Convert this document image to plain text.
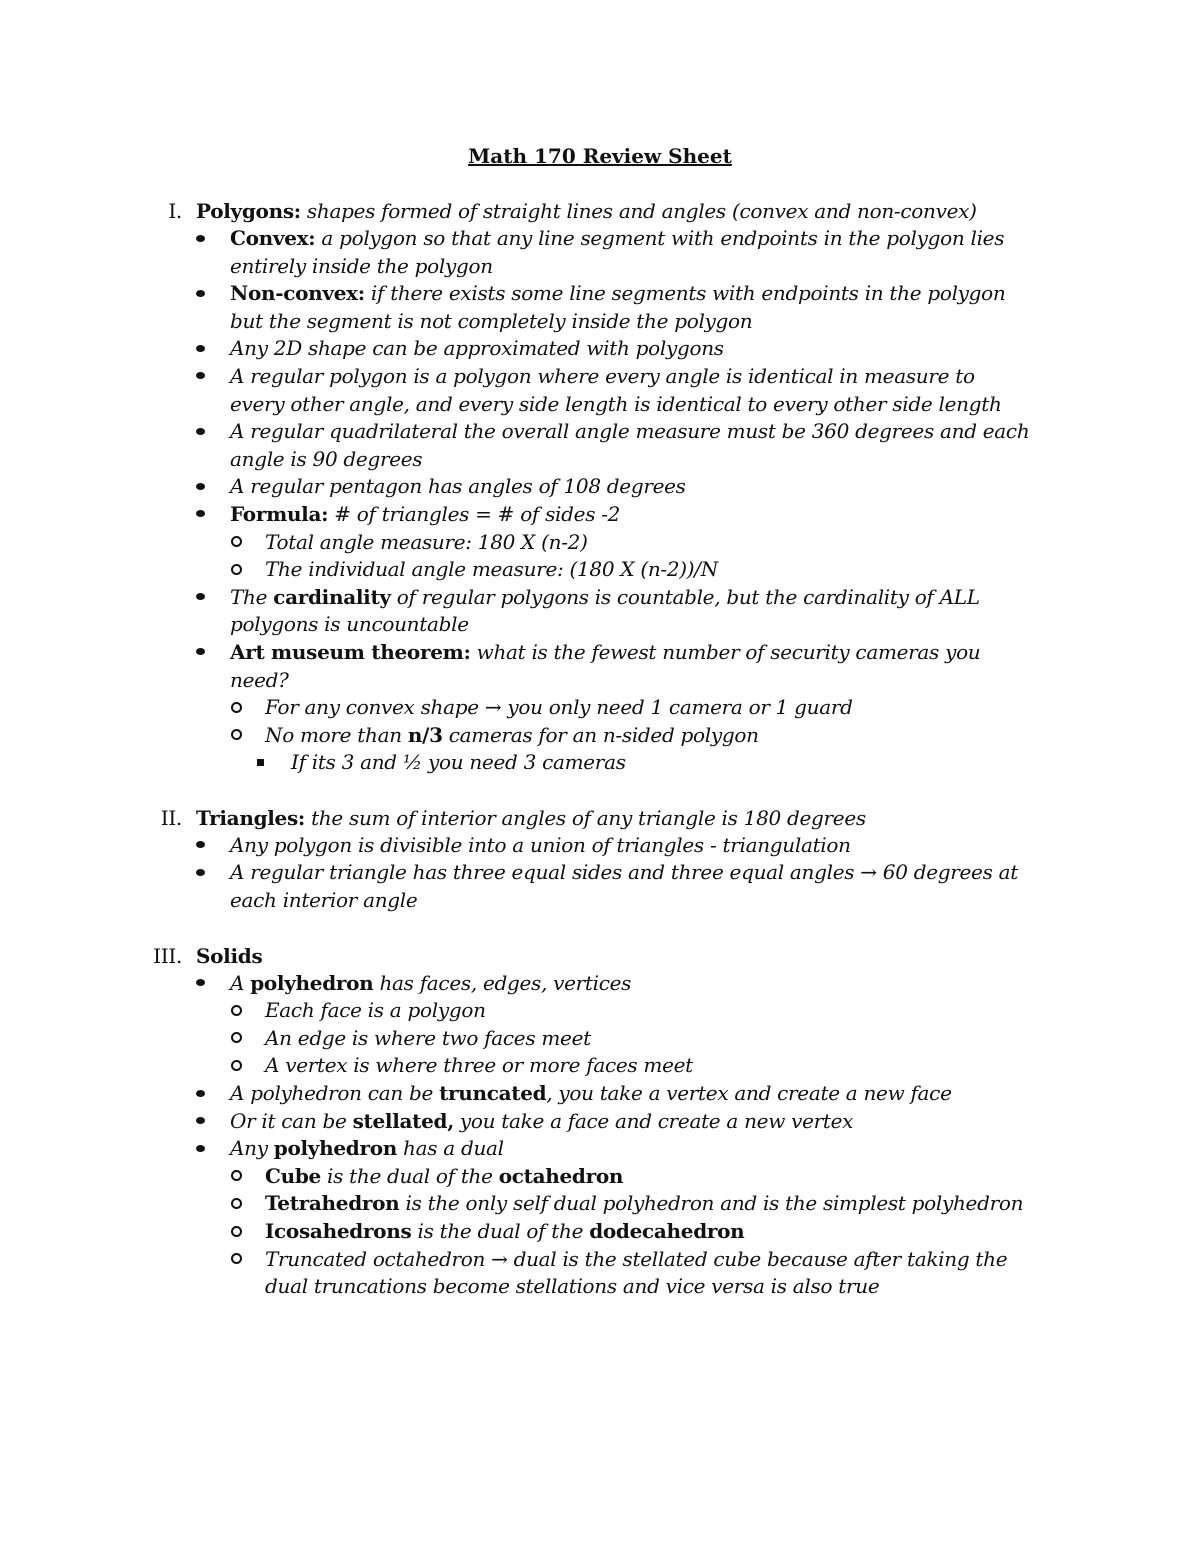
Math 170 Review Sheet
I. Polygons: shapes formed of straight lines and angles (convex and non-convex)
Convex: a polygon so that any line segment with endpoints in the polygon lies entirely inside the polygon
Non-convex: if there exists some line segments with endpoints in the polygon but the segment is not completely inside the polygon
Any 2D shape can be approximated with polygons
A regular polygon is a polygon where every angle is identical in measure to every other angle, and every side length is identical to every other side length
A regular quadrilateral the overall angle measure must be 360 degrees and each angle is 90 degrees
A regular pentagon has angles of 108 degrees
Formula: # of triangles = # of sides -2
Total angle measure: 180 X (n-2)
The individual angle measure: (180 X (n-2))/N
The cardinality of regular polygons is countable, but the cardinality of ALL polygons is uncountable
Art museum theorem: what is the fewest number of security cameras you need?
For any convex shape → you only need 1 camera or 1 guard
No more than n/3 cameras for an n-sided polygon
If its 3 and ½ you need 3 cameras
II. Triangles: the sum of interior angles of any triangle is 180 degrees
Any polygon is divisible into a union of triangles - triangulation
A regular triangle has three equal sides and three equal angles → 60 degrees at each interior angle
III. Solids
A polyhedron has faces, edges, vertices
Each face is a polygon
An edge is where two faces meet
A vertex is where three or more faces meet
A polyhedron can be truncated, you take a vertex and create a new face
Or it can be stellated, you take a face and create a new vertex
Any polyhedron has a dual
Cube is the dual of the octahedron
Tetrahedron is the only self dual polyhedron and is the simplest polyhedron
Icosahedrons is the dual of the dodecahedron
Truncated octahedron → dual is the stellated cube because after taking the dual truncations become stellations and vice versa is also true
